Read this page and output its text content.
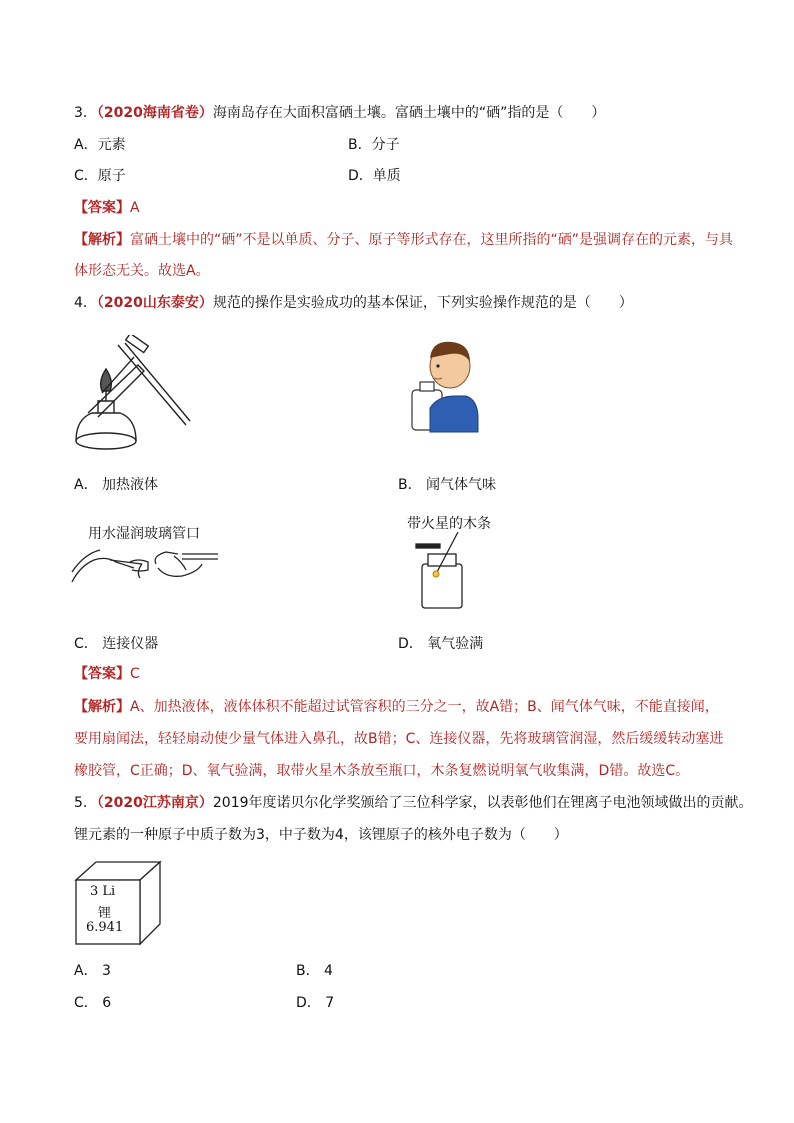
3．（2020海南省卷）海南岛存在大面积富硒土壤。富硒土壤中的“硒”指的是（　　）
A．元素	B．分子
C．原子	D．单质
【答案】A
【解析】富硒土壤中的“硒”不是以单质、分子、原子等形式存在，这里所指的“硒”是强调存在的元素，与具
体形态无关。故选A。
4．（2020山东泰安）规范的操作是实验成功的基本保证，下列实验操作规范的是（　　）
A． 加热液体	B． 闻气体气味
用水湿润玻璃管口
带火星的木条
C． 连接仪器	D． 氧气验满
【答案】C
【解析】A、加热液体，液体体积不能超过试管容积的三分之一，故A错；B、闻气体气味，不能直接闻，
要用扇闻法，轻轻扇动使少量气体进入鼻孔，故B错；C、连接仪器，先将玻璃管润湿，然后缓缓转动塞进
橡胶管，C正确；D、氧气验满，取带火星木条放至瓶口，木条复燃说明氧气收集满，D错。故选C。
5．（2020江苏南京）2019年度诺贝尔化学奖颁给了三位科学家，以表彰他们在锂离子电池领域做出的贡献。
锂元素的一种原子中质子数为3，中子数为4，该锂原子的核外电子数为（　　）
3 Li
锂
6.941
A． 3	B． 4
C． 6	D． 7
